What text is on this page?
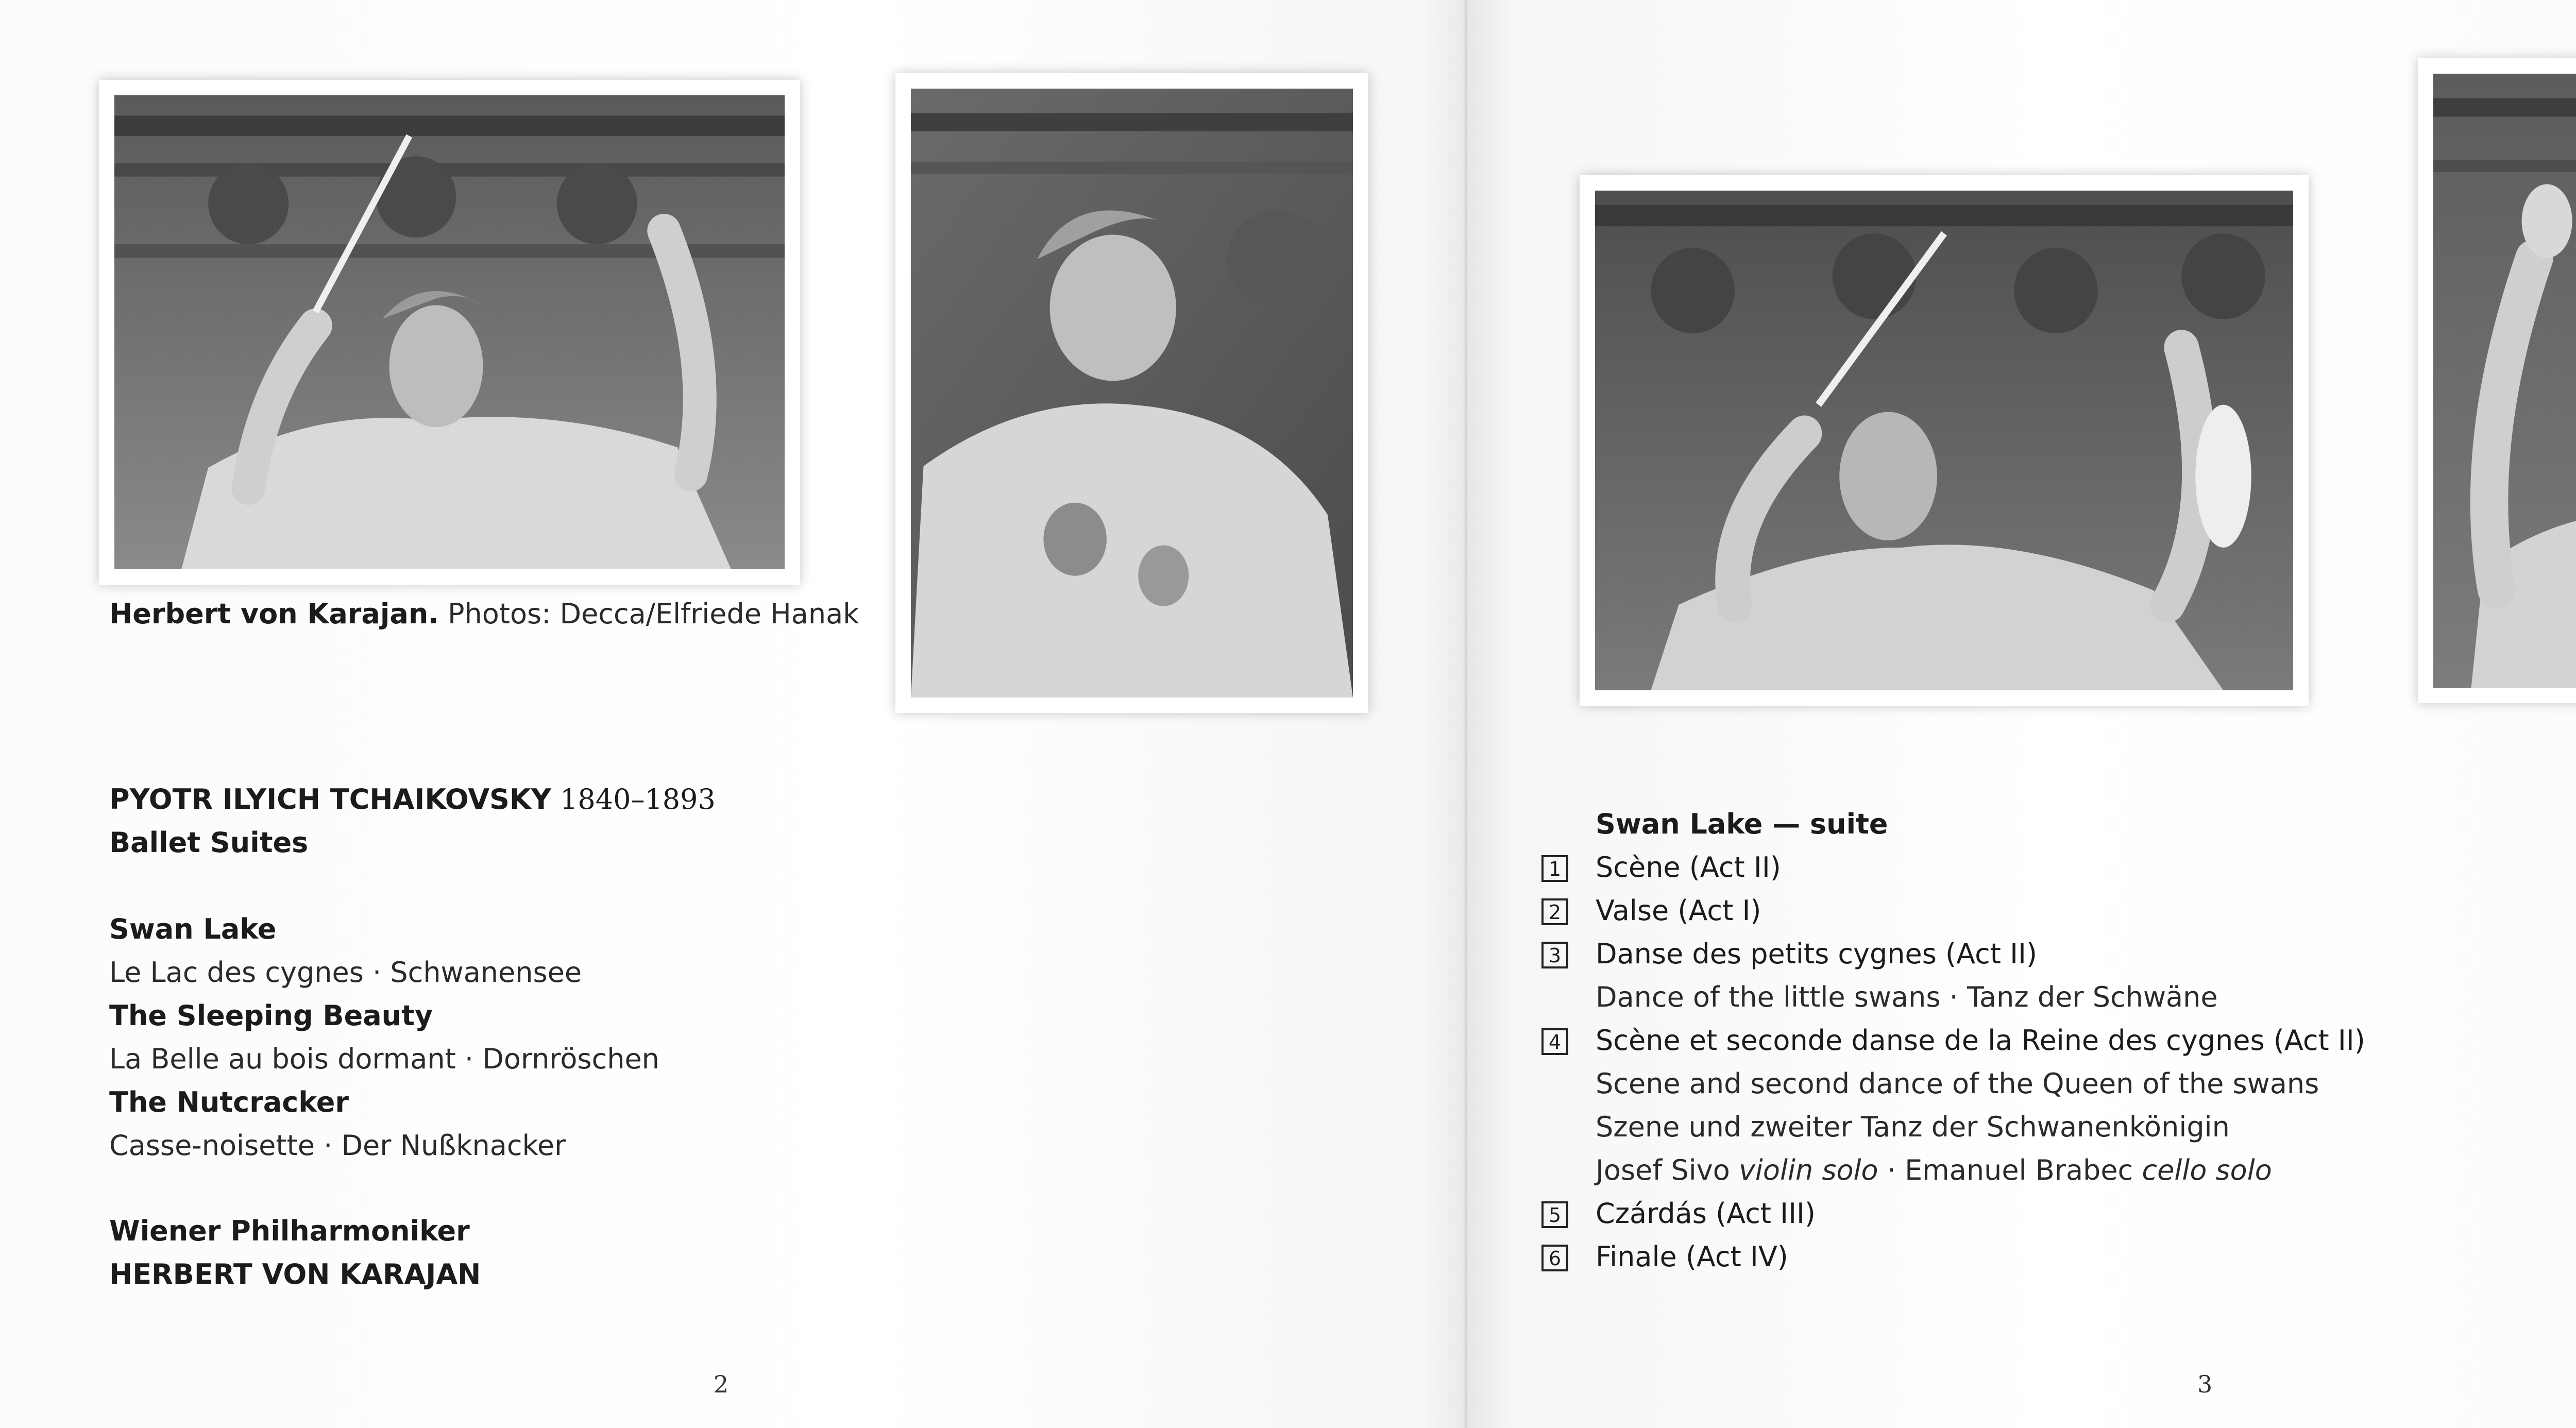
Herbert von Karajan. Photos: Decca/Elfriede Hanak
PYOTR ILYICH TCHAIKOVSKY 1840–1893
Ballet Suites
Swan Lake
Le Lac des cygnes · Schwanensee
The Sleeping Beauty
La Belle au bois dormant · Dornröschen
The Nutcracker
Casse-noisette · Der Nußknacker
Wiener Philharmoniker
HERBERT VON KARAJAN
2
Swan Lake — suite
1 Scène (Act II)
2 Valse (Act I)
3 Danse des petits cygnes (Act II)
Dance of the little swans · Tanz der Schwäne
4 Scène et seconde danse de la Reine des cygnes (Act II)
Scene and second dance of the Queen of the swans
Szene und zweiter Tanz der Schwanenkönigin
Josef Sivo violin solo · Emanuel Brabec cello solo
5 Czárdás (Act III)
6 Finale (Act IV)
3
